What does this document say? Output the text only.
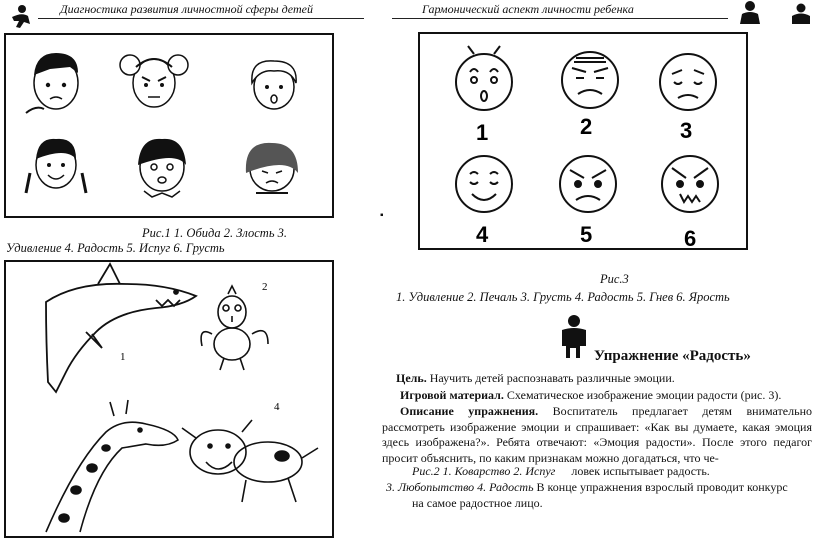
Диагностика развития личностной сферы детей	Гармонический аспект личности ребенка
Рис.1 1. Обида 2. Злость 3.
Удивление 4. Радость 5. Испуг 6. Грусть
1
2
4
1	2	3
4	5	6
▪
Рис.3
1. Удивление 2. Печаль 3. Грусть 4. Радость 5. Гнев 6. Ярость
Упражнение «Радость»
Цель. Научить детей распознавать различные эмоции.
Игровой материал. Схематическое изображение эмоции радости (рис. 3).
Описание упражнения. Воспитатель предлагает детям внимательно рассмотреть изображение эмоции и спрашивает: «Как вы думаете, какая эмоция здесь изображена?». Ребята отвечают: «Эмоция радости». После этого педагог просит объяснить, по каким признакам можно догадаться, что че-
Рис.2 1. Коварство 2. Испуг ловек испытывает радость.
3. Любопытство 4. Радость В конце упражнения взрослый проводит конкурс
на самое радостное лицо.
